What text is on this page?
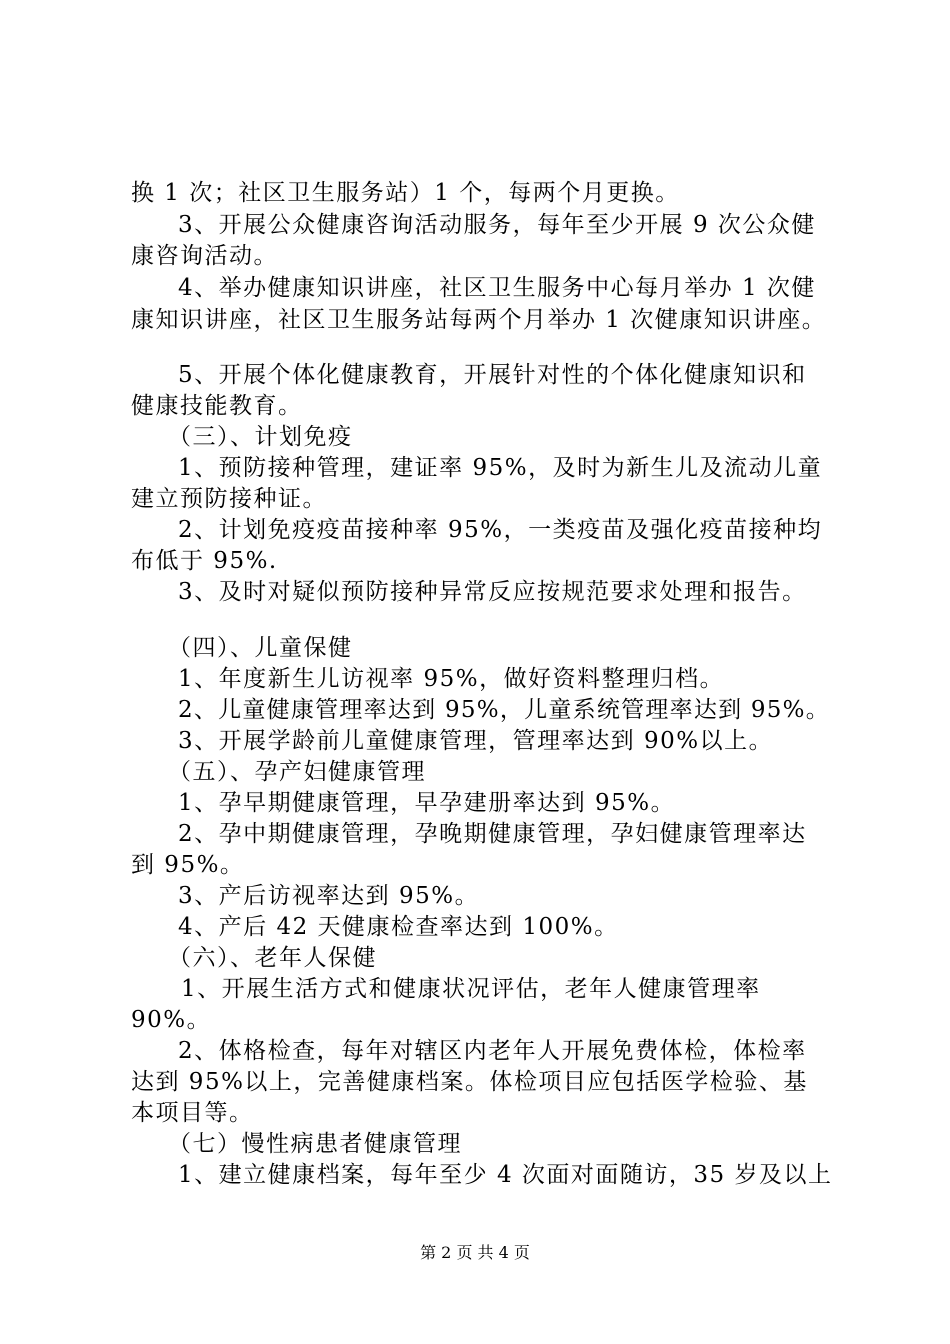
换 1 次；社区卫生服务站）1 个，每两个月更换。
3、开展公众健康咨询活动服务，每年至少开展 9 次公众健
康咨询活动。
4、举办健康知识讲座，社区卫生服务中心每月举办 1 次健
康知识讲座，社区卫生服务站每两个月举办 1 次健康知识讲座。
5、开展个体化健康教育，开展针对性的个体化健康知识和
健康技能教育。
（三）、计划免疫
1、预防接种管理，建证率 95%，及时为新生儿及流动儿童
建立预防接种证。
2、计划免疫疫苗接种率 95%，一类疫苗及强化疫苗接种均
布低于 95%.
3、及时对疑似预防接种异常反应按规范要求处理和报告。
（四）、儿童保健
1、年度新生儿访视率 95%，做好资料整理归档。
2、儿童健康管理率达到 95%，儿童系统管理率达到 95%。
3、开展学龄前儿童健康管理，管理率达到 90%以上。
（五）、孕产妇健康管理
1、孕早期健康管理，早孕建册率达到 95%。
2、孕中期健康管理，孕晚期健康管理，孕妇健康管理率达
到 95%。
3、产后访视率达到 95%。
4、产后 42 天健康检查率达到 100%。
（六）、老年人保健
1、开展生活方式和健康状况评估，老年人健康管理率
90%。
2、体格检查，每年对辖区内老年人开展免费体检，体检率
达到 95%以上，完善健康档案。体检项目应包括医学检验、基
本项目等。
（七）慢性病患者健康管理
1、建立健康档案，每年至少 4 次面对面随访，35 岁及以上
第 2 页 共 4 页
